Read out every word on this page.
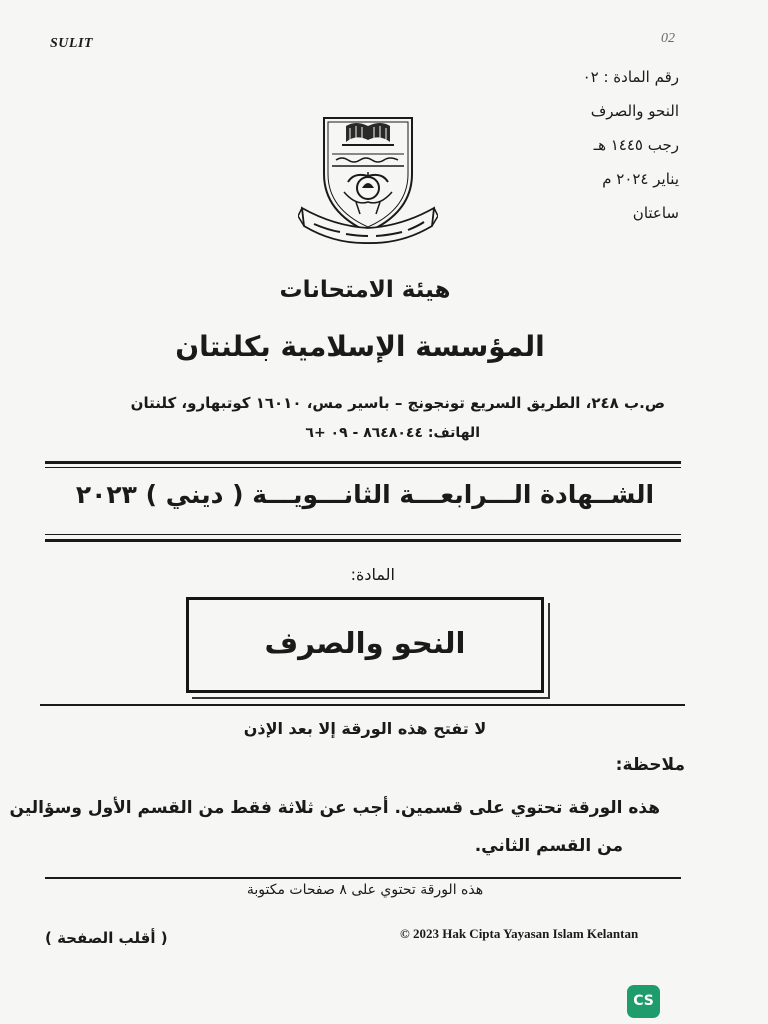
SULIT	02
رقم المادة : ٠٢
النحو والصرف
رجب ١٤٤٥ هـ
يناير ٢٠٢٤ م
ساعتان
هيئة الامتحانات
المؤسسة الإسلامية بكلنتان
ص.ب ٢٤٨، الطريق السريع تونجونج – باسير مس، ١٦٠١٠ كوتبهارو، كلنتان
الهاتف: ٨٦٤٨٠٤٤ - ٠٩ +٦
الشــهادة الـــرابعـــة الثانـــويـــة ( ديني ) ٢٠٢٣
المادة:
النحو والصرف
لا تفتح هذه الورقة إلا بعد الإذن
ملاحظة:
هذه الورقة تحتوي على قسمين. أجب عن ثلاثة فقط من القسم الأول وسؤالين
من القسم الثاني.
هذه الورقة تحتوي على ٨ صفحات مكتوبة
( أقلب الصفحة )	© 2023 Hak Cipta Yayasan Islam Kelantan
CS
